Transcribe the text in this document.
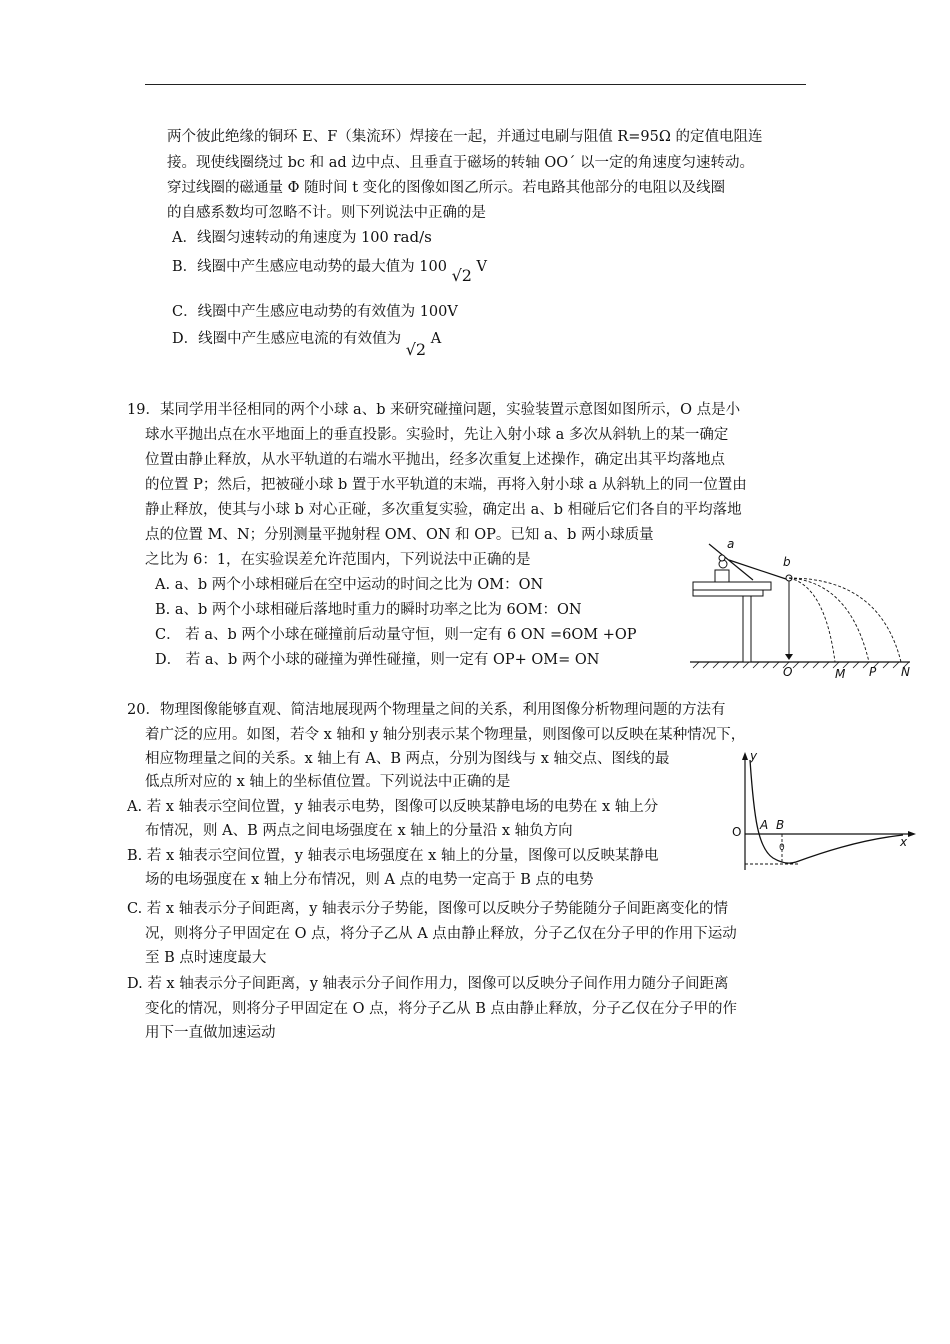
两个彼此绝缘的铜环 E、F（集流环）焊接在一起，并通过电刷与阻值 R=95Ω 的定值电阻连
接。现使线圈绕过 bc 和 ad 边中点、且垂直于磁场的转轴 OO´ 以一定的角速度匀速转动。
穿过线圈的磁通量 Φ 随时间 t 变化的图像如图乙所示。若电路其他部分的电阻以及线圈
的自感系数均可忽略不计。则下列说法中正确的是
A．线圈匀速转动的角速度为 100 rad/s
B．线圈中产生感应电动势的最大值为 100 √2 V
C．线圈中产生感应电动势的有效值为 100V
D．线圈中产生感应电流的有效值为 √2 A
19．某同学用半径相同的两个小球 a、b 来研究碰撞问题，实验装置示意图如图所示，O 点是小
球水平抛出点在水平地面上的垂直投影。实验时，先让入射小球 a 多次从斜轨上的某一确定
位置由静止释放，从水平轨道的右端水平抛出，经多次重复上述操作，确定出其平均落地点
的位置 P；然后，把被碰小球 b 置于水平轨道的末端，再将入射小球 a 从斜轨上的同一位置由
静止释放，使其与小球 b 对心正碰，多次重复实验，确定出 a、b 相碰后它们各自的平均落地
点的位置 M、N；分别测量平抛射程 OM、ON 和 OP。已知 a、b 两小球质量
之比为 6：1，在实验误差允许范围内，下列说法中正确的是
A. a、b 两个小球相碰后在空中运动的时间之比为 OM：ON
B. a、b 两个小球相碰后落地时重力的瞬时功率之比为 6OM：ON
C． 若 a、b 两个小球在碰撞前后动量守恒，则一定有 6 ON =6OM +OP
D． 若 a、b 两个小球的碰撞为弹性碰撞，则一定有 OP+ OM= ON
a
b
O	M P N
20．物理图像能够直观、简洁地展现两个物理量之间的关系，利用图像分析物理问题的方法有
着广泛的应用。如图，若令 x 轴和 y 轴分别表示某个物理量，则图像可以反映在某种情况下，
相应物理量之间的关系。x 轴上有 A、B 两点，分别为图线与 x 轴交点、图线的最
低点所对应的 x 轴上的坐标值位置。下列说法中正确的是
A. 若 x 轴表示空间位置，y 轴表示电势，图像可以反映某静电场的电势在 x 轴上分
布情况，则 A、B 两点之间电场强度在 x 轴上的分量沿 x 轴负方向
B. 若 x 轴表示空间位置，y 轴表示电场强度在 x 轴上的分量，图像可以反映某静电
场的电场强度在 x 轴上分布情况，则 A 点的电势一定高于 B 点的电势
C. 若 x 轴表示分子间距离，y 轴表示分子势能，图像可以反映分子势能随分子间距离变化的情
况，则将分子甲固定在 O 点，将分子乙从 A 点由静止释放，分子乙仅在分子甲的作用下运动
至 B 点时速度最大
D. 若 x 轴表示分子间距离，y 轴表示分子间作用力，图像可以反映分子间作用力随分子间距离
变化的情况，则将分子甲固定在 O 点，将分子乙从 B 点由静止释放，分子乙仅在分子甲的作
用下一直做加速运动
y
x
O A B
0
